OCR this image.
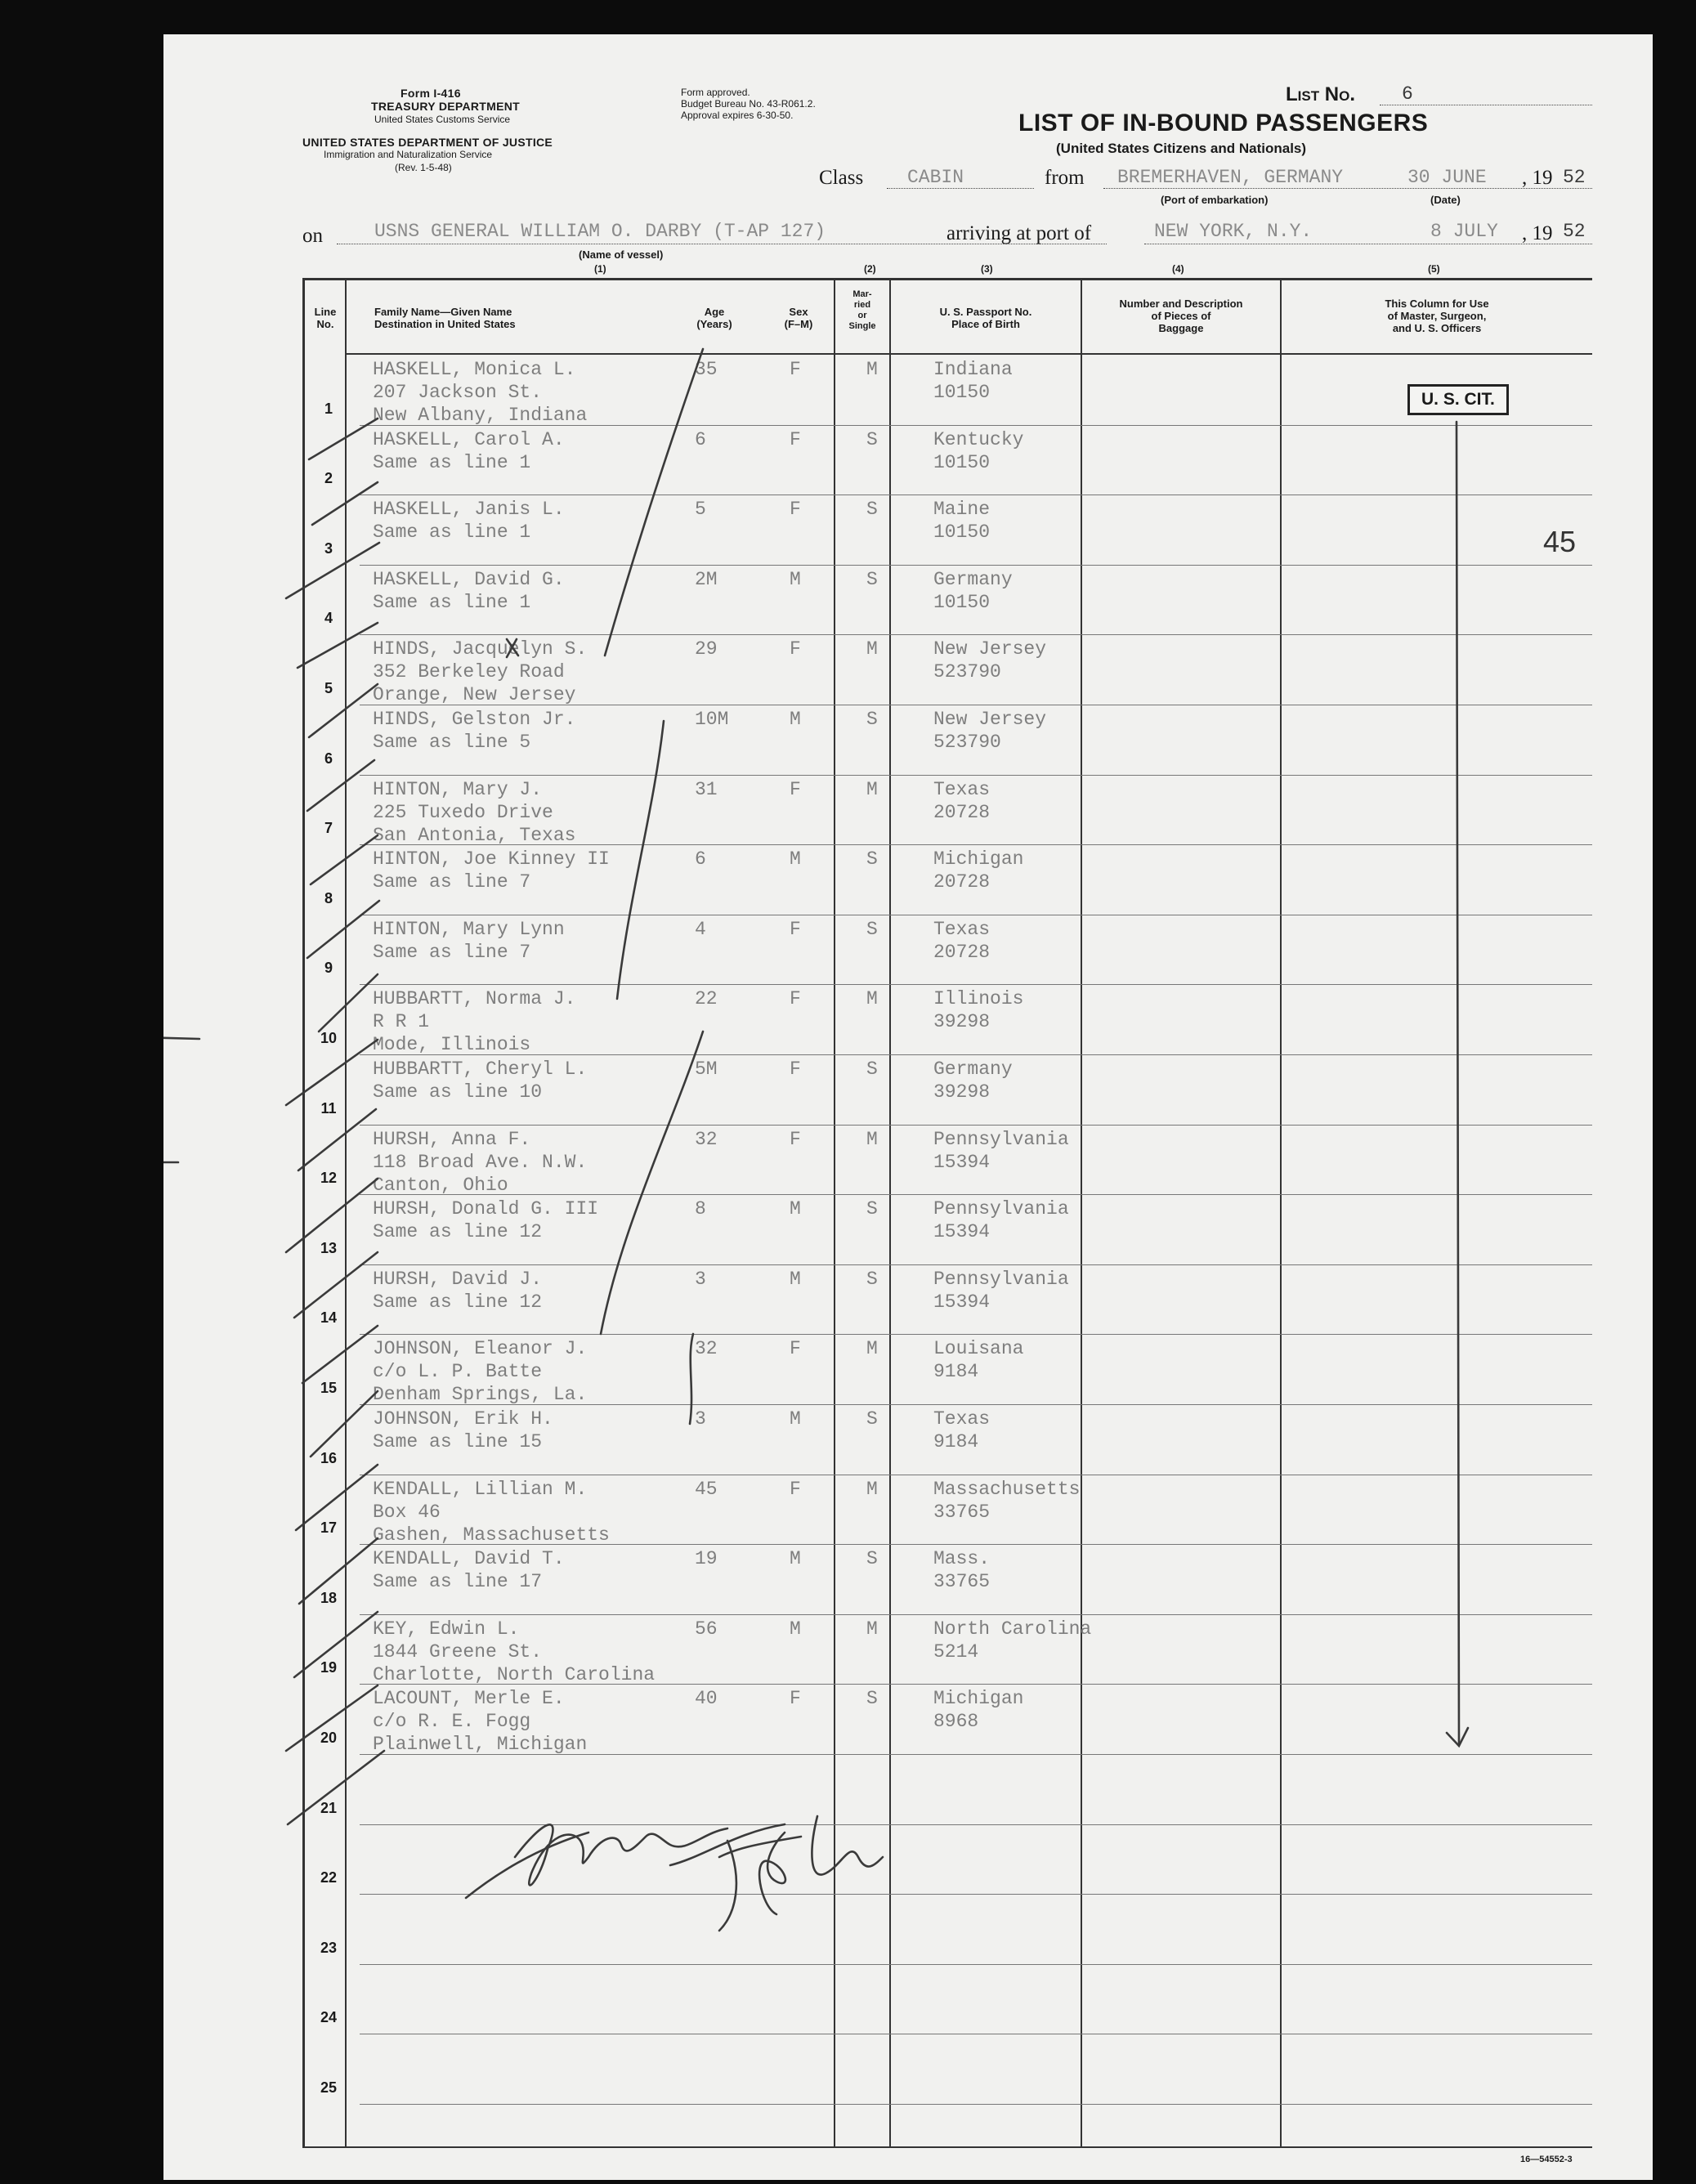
Form I-416
TREASURY DEPARTMENT
United States Customs Service
UNITED STATES DEPARTMENT OF JUSTICE
Immigration and Naturalization Service
(Rev. 1-5-48)
Form approved.
Budget Bureau No. 43-R061.2.
Approval expires 6-30-50.
List No. 6
LIST OF IN-BOUND PASSENGERS
(United States Citizens and Nationals)
Class CABIN	from BREMERHAVEN, GERMANY	30 JUNE , 19 52
(Port of embarkation)	(Date)
on	USNS GENERAL WILLIAM O. DARBY (T-AP 127)	arriving at port of	NEW YORK, N.Y.	8 JULY , 19 52
(Name of vessel)
(1)	(2)	(3)	(4)	(5)
Line
No.
Family Name—Given Name
Destination in United States
Age
(Years)
Sex
(F–M)
Mar-
ried
or
Single
U. S. Passport No.
Place of Birth
Number and Description
of Pieces of
Baggage
This Column for Use
of Master, Surgeon,
and U. S. Officers
1
HASKELL, Monica L.
207 Jackson St.
New Albany, Indiana
35	F	M	Indiana
10150
2
HASKELL, Carol A.
Same as line 1
6	F	S	Kentucky
10150
3
HASKELL, Janis L.
Same as line 1
5	F	S	Maine
10150
4
HASKELL, David G.
Same as line 1
2M	M	S	Germany
10150
5
HINDS, Jacquelyn S.
352 Berkeley Road
Orange, New Jersey
29	F	M	New Jersey
523790
6
HINDS, Gelston Jr.
Same as line 5
10M	M	S	New Jersey
523790
7
HINTON, Mary J.
225 Tuxedo Drive
San Antonia, Texas
31	F	M	Texas
20728
8
HINTON, Joe Kinney II
Same as line 7
6	M	S	Michigan
20728
9
HINTON, Mary Lynn
Same as line 7
4	F	S	Texas
20728
10
HUBBARTT, Norma J.
R R 1
Mode, Illinois
22	F	M	Illinois
39298
11
HUBBARTT, Cheryl L.
Same as line 10
5M	F	S	Germany
39298
12
HURSH, Anna F.
118 Broad Ave. N.W.
Canton, Ohio
32	F	M	Pennsylvania
15394
13
HURSH, Donald G. III
Same as line 12
8	M	S	Pennsylvania
15394
14
HURSH, David J.
Same as line 12
3	M	S	Pennsylvania
15394
15
JOHNSON, Eleanor J.
c/o L. P. Batte
Denham Springs, La.
32	F	M	Louisana
9184
16
JOHNSON, Erik H.
Same as line 15
3	M	S	Texas
9184
17
KENDALL, Lillian M.
Box 46
Gashen, Massachusetts
45	F	M	Massachusetts
33765
18
KENDALL, David T.
Same as line 17
19	M	S	Mass.
33765
19
KEY, Edwin L.
1844 Greene St.
Charlotte, North Carolina
56	M	M	North Carolina
5214
20
LACOUNT, Merle E.
c/o R. E. Fogg
Plainwell, Michigan
40	F	S	Michigan
8968
21
22
23
24
25
U. S. CIT.
45
16—54552-3
